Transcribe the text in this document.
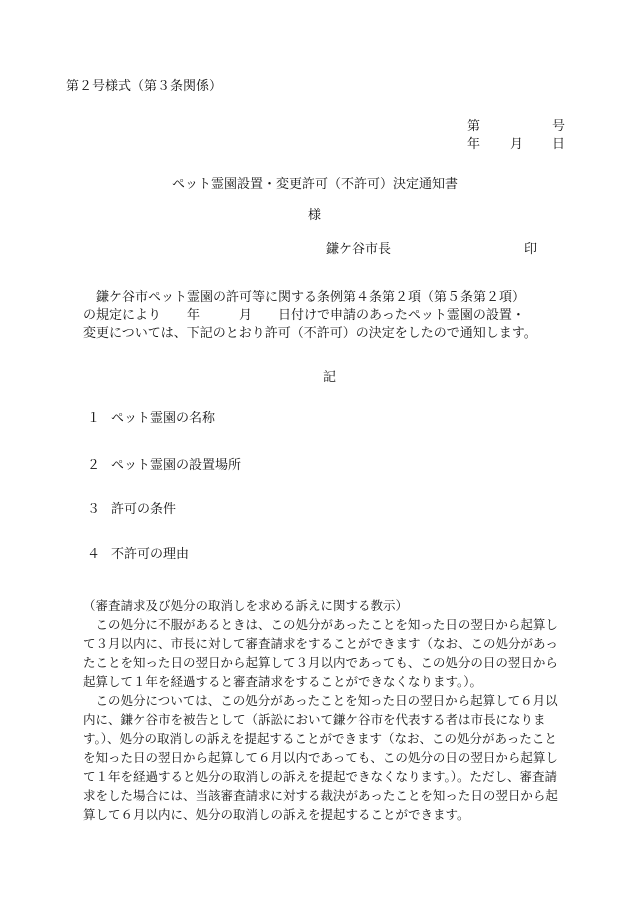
第２号様式（第３条関係）
第	号
年 月 日
ペット霊園設置・変更許可（不許可）決定通知書
様
鎌ケ谷市長	印
　鎌ケ谷市ペット霊園の許可等に関する条例第４条第２項（第５条第２項）
の規定により　　年　　　月　　日付けで申請のあったペット霊園の設置・
変更については、下記のとおり許可（不許可）の決定をしたので通知します。
記
１ ペット霊園の名称
２ ペット霊園の設置場所
３ 許可の条件
４ 不許可の理由
（審査請求及び処分の取消しを求める訴えに関する教示）
　この処分に不服があるときは、この処分があったことを知った日の翌日から起算し
て３月以内に、市長に対して審査請求をすることができます（なお、この処分があっ
たことを知った日の翌日から起算して３月以内であっても、この処分の日の翌日から
起算して１年を経過すると審査請求をすることができなくなります。）。
　この処分については、この処分があったことを知った日の翌日から起算して６月以
内に、鎌ケ谷市を被告として（訴訟において鎌ケ谷市を代表する者は市長になりま
す。）、処分の取消しの訴えを提起することができます（なお、この処分があったこと
を知った日の翌日から起算して６月以内であっても、この処分の日の翌日から起算し
て１年を経過すると処分の取消しの訴えを提起できなくなります。）。ただし、審査請
求をした場合には、当該審査請求に対する裁決があったことを知った日の翌日から起
算して６月以内に、処分の取消しの訴えを提起することができます。
